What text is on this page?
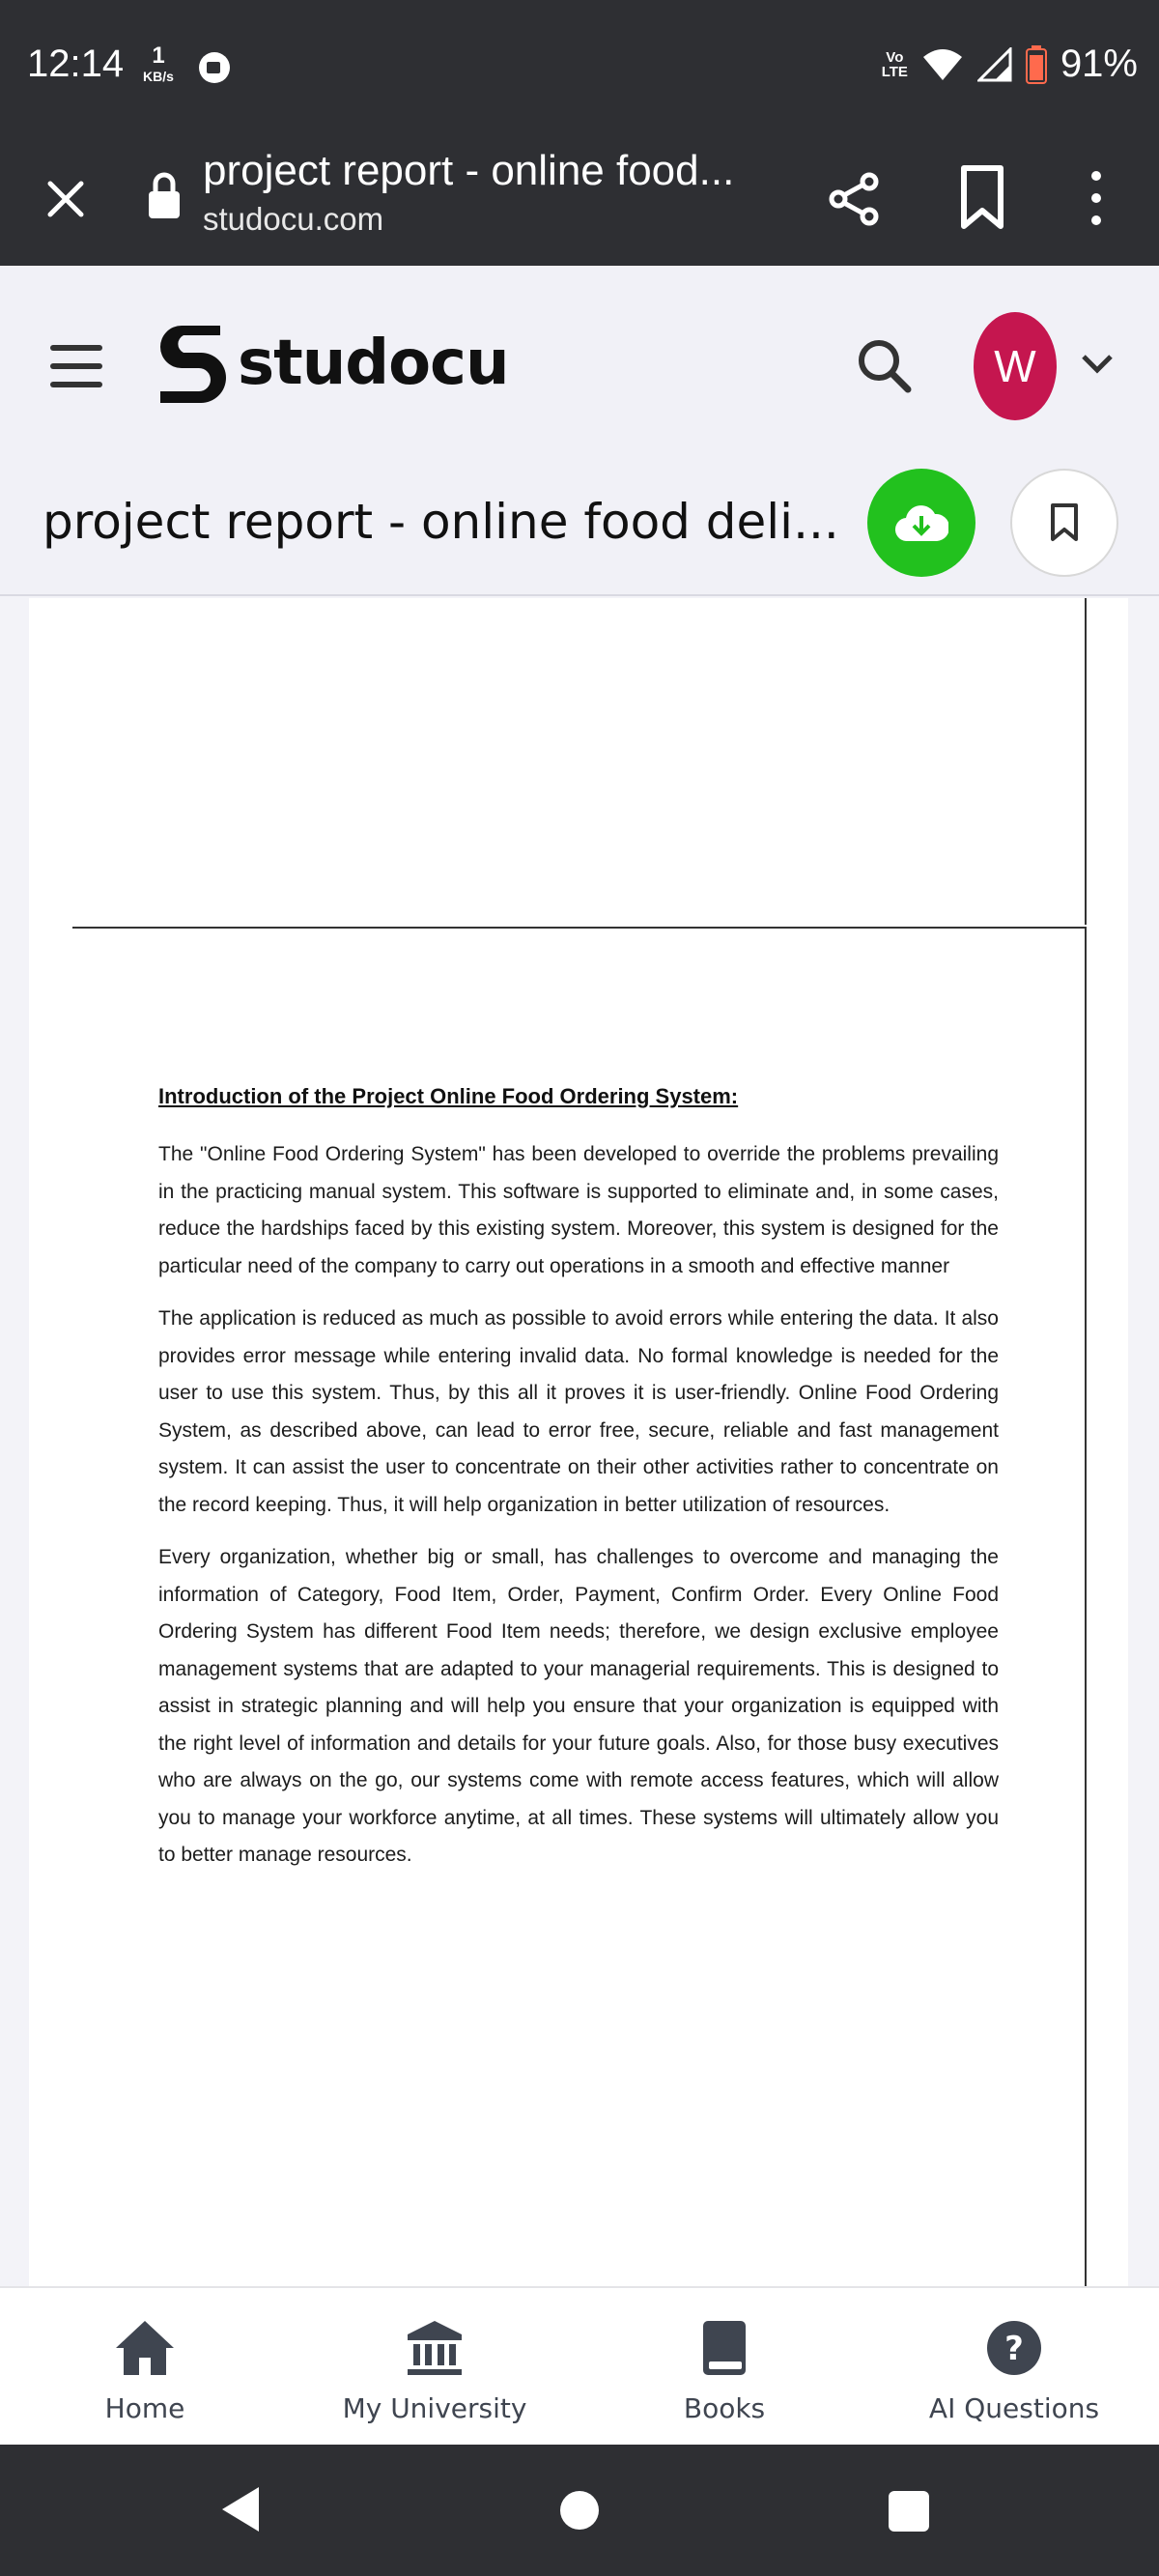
12:14	1
KB/s
Vo
LTE	91%
project report - online food...
studocu.com
studocu	W
project report - online food deli...
Introduction of the Project Online Food Ordering System:

The "Online Food Ordering System" has been developed to override the problems prevailing in the practicing manual system. This software is supported to eliminate and, in some cases, reduce the hardships faced by this existing system. Moreover, this system is designed for the particular need of the company to carry out operations in a smooth and effective manner

The application is reduced as much as possible to avoid errors while entering the data. It also provides error message while entering invalid data. No formal knowledge is needed for the user to use this system. Thus, by this all it proves it is user-friendly. Online Food Ordering System, as described above, can lead to error free, secure, reliable and fast management system. It can assist the user to concentrate on their other activities rather to concentrate on the record keeping. Thus, it will help organization in better utilization of resources.

Every organization, whether big or small, has challenges to overcome and managing the information of Category, Food Item, Order, Payment, Confirm Order. Every Online Food Ordering System has different Food Item needs; therefore, we design exclusive employee management systems that are adapted to your managerial requirements. This is designed to assist in strategic planning and will help you ensure that your organization is equipped with the right level of information and details for your future goals. Also, for those busy executives who are always on the go, our systems come with remote access features, which will allow you to manage your workforce anytime, at all times. These systems will ultimately allow you to better manage resources.

Home	My University	Books
?
AI Questions
